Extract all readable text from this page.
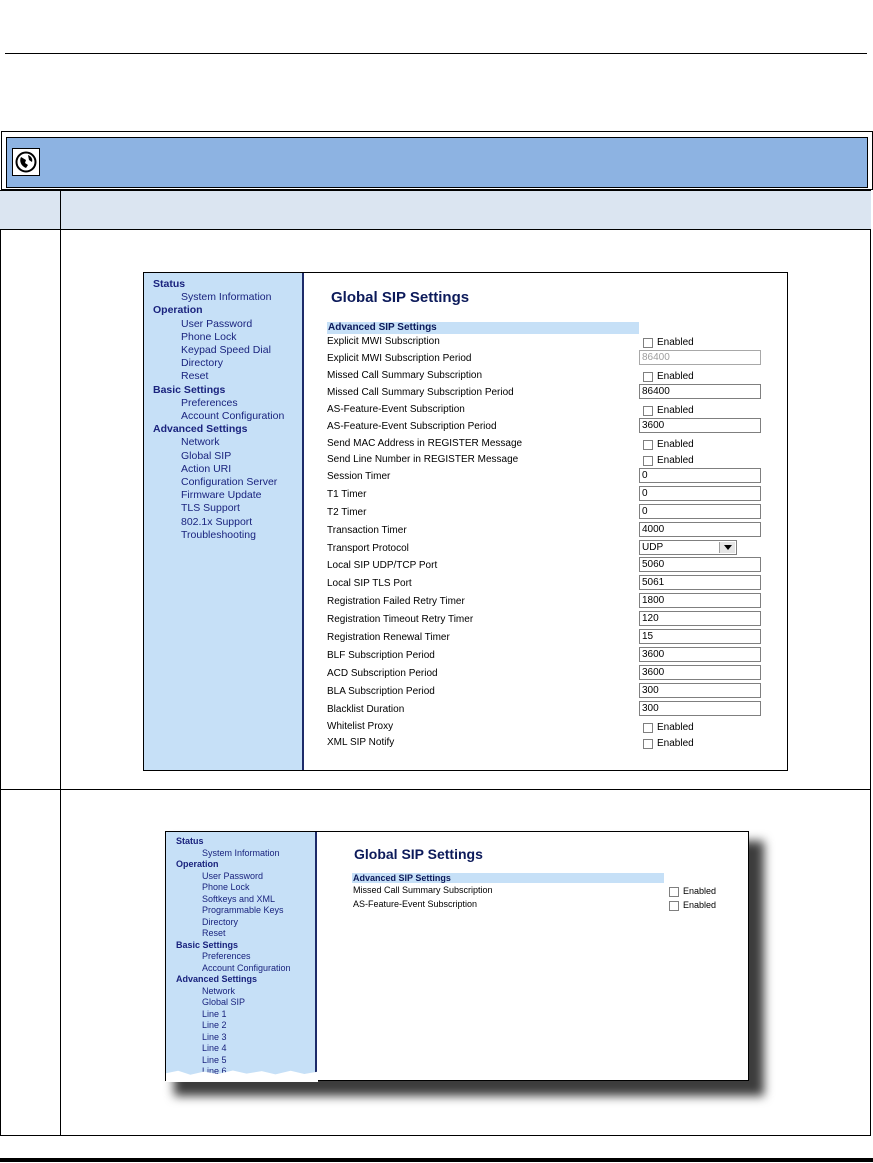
Status
System Information
Operation
User Password
Phone Lock
Keypad Speed Dial
Directory
Reset
Basic Settings
Preferences
Account Configuration
Advanced Settings
Network
Global SIP
Action URI
Configuration Server
Firmware Update
TLS Support
802.1x Support
Troubleshooting
Global SIP Settings
Advanced SIP Settings
Explicit MWI Subscription	Enabled
Explicit MWI Subscription Period	86400
Missed Call Summary Subscription	Enabled
Missed Call Summary Subscription Period	86400
AS-Feature-Event Subscription	Enabled
AS-Feature-Event Subscription Period	3600
Send MAC Address in REGISTER Message	Enabled
Send Line Number in REGISTER Message	Enabled
Session Timer	0
T1 Timer	0
T2 Timer	0
Transaction Timer	4000
Transport Protocol	UDP
Local SIP UDP/TCP Port	5060
Local SIP TLS Port	5061
Registration Failed Retry Timer	1800
Registration Timeout Retry Timer	120
Registration Renewal Timer	15
BLF Subscription Period	3600
ACD Subscription Period	3600
BLA Subscription Period	300
Blacklist Duration	300
Whitelist Proxy	Enabled
XML SIP Notify	Enabled
Status
System Information
Operation
User Password
Phone Lock
Softkeys and XML
Programmable Keys
Directory
Reset
Basic Settings
Preferences
Account Configuration
Advanced Settings
Network
Global SIP
Line 1
Line 2
Line 3
Line 4
Line 5
Line 6
Global SIP Settings
Advanced SIP Settings
Missed Call Summary Subscription	Enabled
AS-Feature-Event Subscription	Enabled
